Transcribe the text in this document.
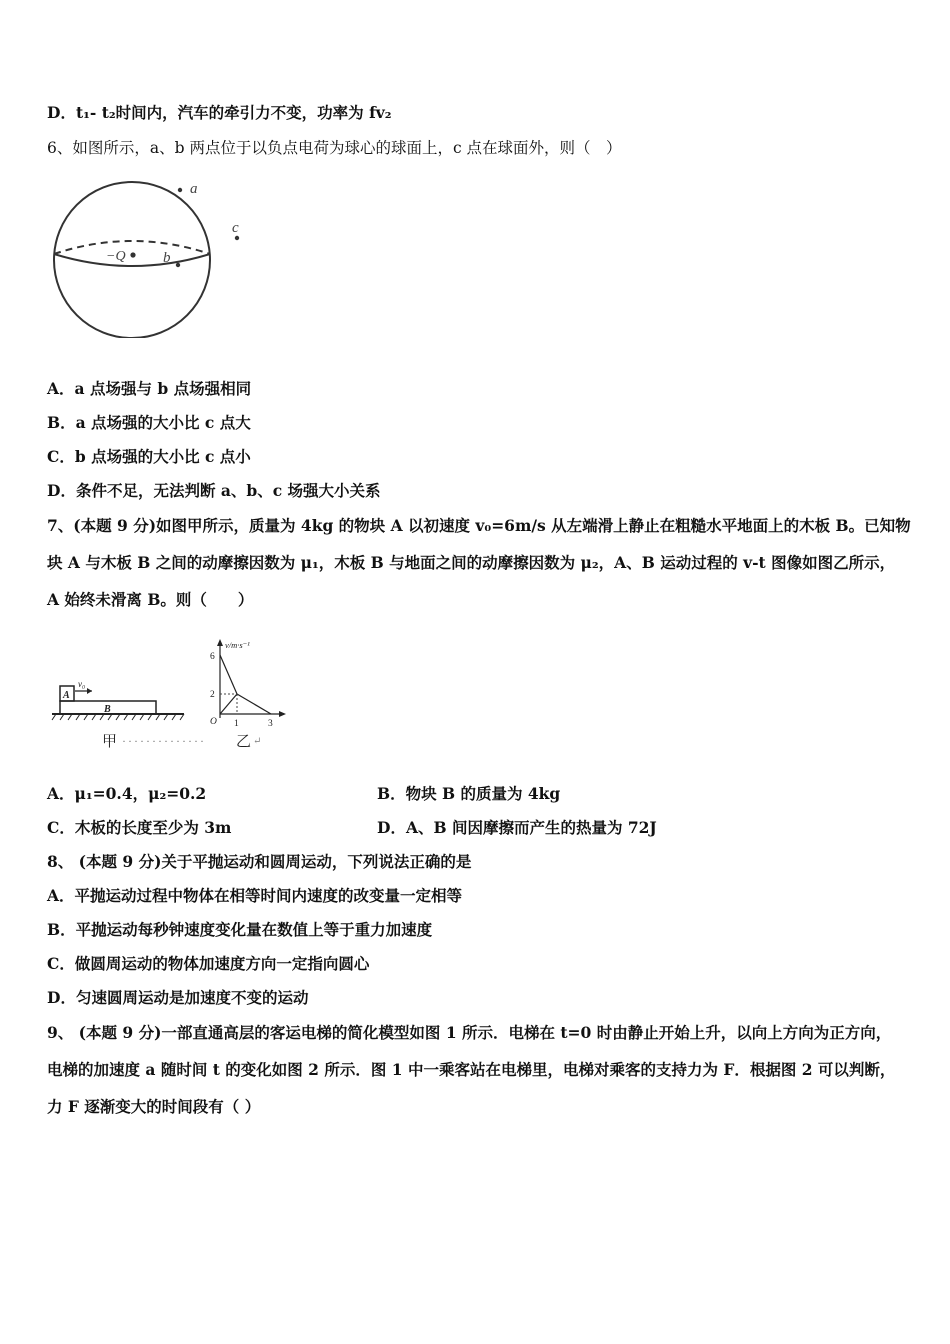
D．t₁- t₂时间内，汽车的牵引力不变，功率为 fv₂
6、如图所示，a、b 两点位于以负点电荷为球心的球面上，c 点在球面外，则（　）
−Q
a
b
c
A．a 点场强与 b 点场强相同
B．a 点场强的大小比 c 点大
C．b 点场强的大小比 c 点小
D．条件不足，无法判断 a、b、c 场强大小关系
7、(本题 9 分)如图甲所示，质量为 4kg 的物块 A 以初速度 v₀=6m/s 从左端滑上静止在粗糙水平地面上的木板 B。已知物
块 A 与木板 B 之间的动摩擦因数为 μ₁，木板 B 与地面之间的动摩擦因数为 μ₂，A、B 运动过程的 v-t 图像如图乙所示，
A 始终未滑离 B。则（　　）
B
A
v₀
甲 ·············· 乙 ↵
v/m·s⁻¹
6
2
O 1	3
A．μ₁=0.4，μ₂=0.2	B．物块 B 的质量为 4kg
C．木板的长度至少为 3m	D．A、B 间因摩擦而产生的热量为 72J
8、 (本题 9 分)关于平抛运动和圆周运动，下列说法正确的是
A．平抛运动过程中物体在相等时间内速度的改变量一定相等
B．平抛运动每秒钟速度变化量在数值上等于重力加速度
C．做圆周运动的物体加速度方向一定指向圆心
D．匀速圆周运动是加速度不变的运动
9、 (本题 9 分)一部直通高层的客运电梯的简化模型如图 1 所示．电梯在 t=0 时由静止开始上升，以向上方向为正方向，
电梯的加速度 a 随时间 t 的变化如图 2 所示．图 1 中一乘客站在电梯里，电梯对乘客的支持力为 F．根据图 2 可以判断，
力 F 逐渐变大的时间段有（ ）
